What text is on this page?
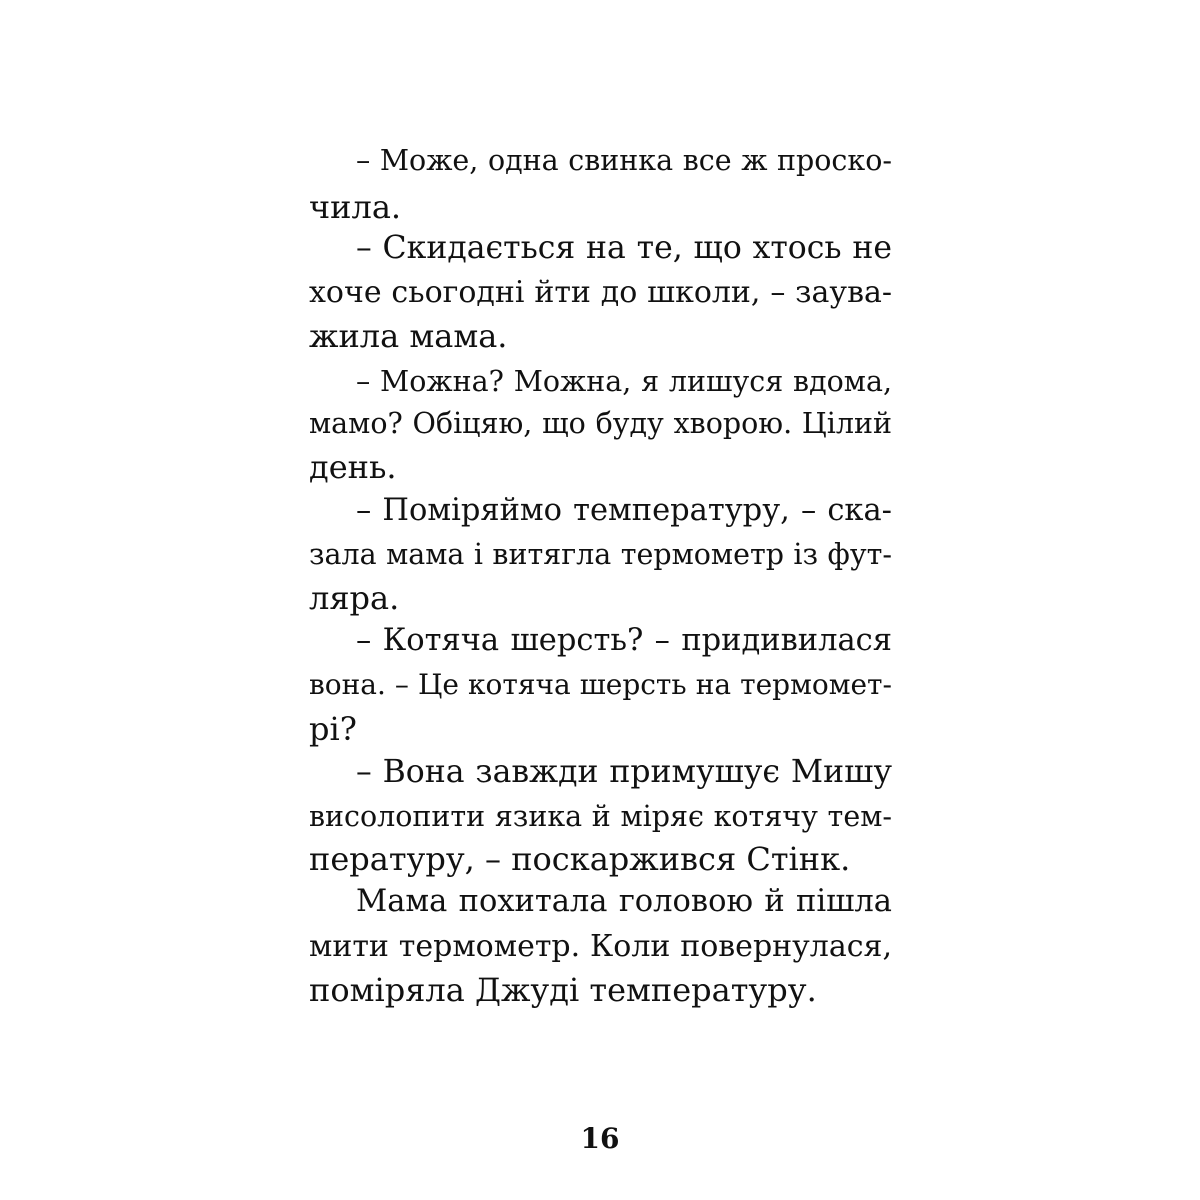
– Може, одна свинка все ж проско-
чила.
– Скидається на те, що хтось не
хоче сьогодні йти до школи, – заува-
жила мама.
– Можна? Можна, я лишуся вдома,
мамо? Обіцяю, що буду хворою. Цілий
день.
– Поміряймо температуру, – ска-
зала мама і витягла термометр із фут-
ляра.
– Котяча шерсть? – придивилася
вона. – Це котяча шерсть на термомет-
рі?
– Вона завжди примушує Мишу
висолопити язика й міряє котячу тем-
пературу, – поскаржився Стінк.
Мама похитала головою й пішла
мити термометр. Коли повернулася,
поміряла Джуді температуру.
16
